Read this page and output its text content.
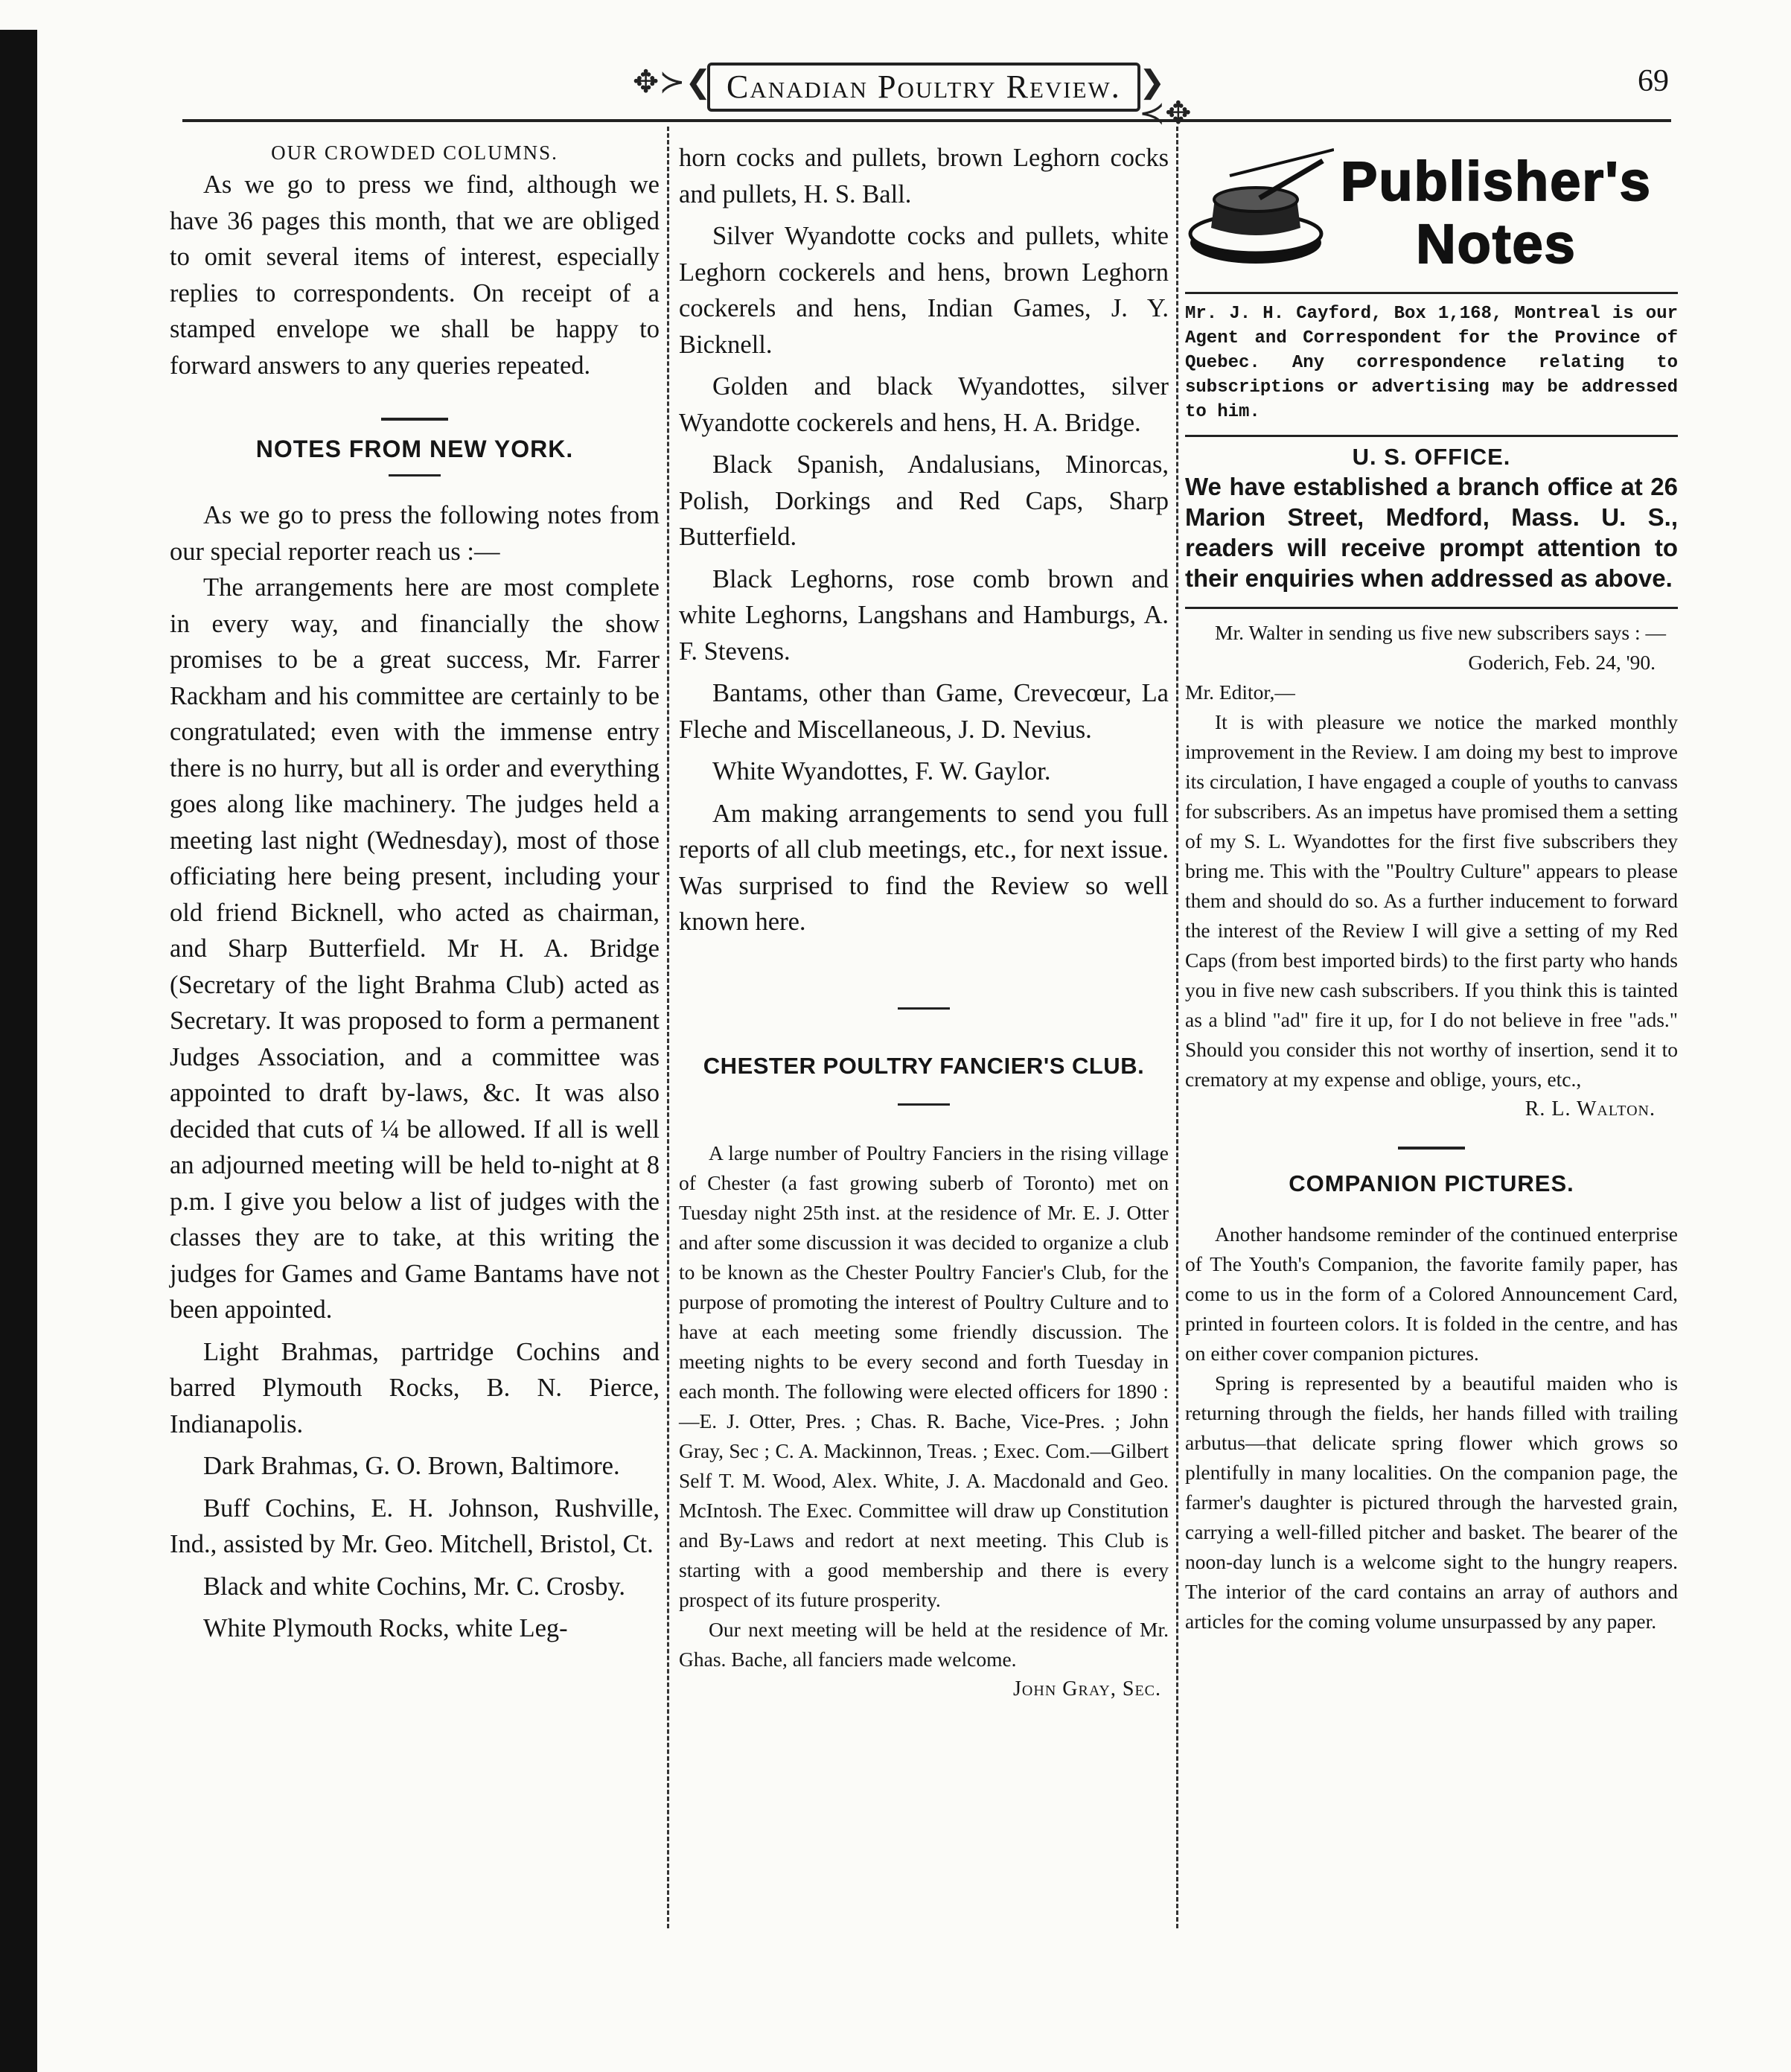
✥≻❮ Canadian Poultry Review. ❯≺✥
69
OUR CROWDED COLUMNS.

As we go to press we find, although we have 36 pages this month, that we are obliged to omit several items of interest, especially replies to correspondents. On receipt of a stamped envelope we shall be happy to forward answers to any queries repeated.

NOTES FROM NEW YORK.

As we go to press the following notes from our special reporter reach us :—

The arrangements here are most complete in every way, and financially the show promises to be a great success, Mr. Farrer Rackham and his committee are certainly to be congratulated; even with the immense entry there is no hurry, but all is order and everything goes along like machinery. The judges held a meeting last night (Wednesday), most of those officiating here being present, including your old friend Bicknell, who acted as chairman, and Sharp Butterfield. Mr H. A. Bridge (Secretary of the light Brahma Club) acted as Secretary. It was proposed to form a permanent Judges Association, and a committee was appointed to draft by-laws, &c. It was also decided that cuts of ¼ be allowed. If all is well an adjourned meeting will be held to-night at 8 p.m. I give you below a list of judges with the classes they are to take, at this writing the judges for Games and Game Bantams have not been appointed.

Light Brahmas, partridge Cochins and barred Plymouth Rocks, B. N. Pierce, Indianapolis.

Dark Brahmas, G. O. Brown, Baltimore.

Buff Cochins, E. H. Johnson, Rushville, Ind., assisted by Mr. Geo. Mitchell, Bristol, Ct.

Black and white Cochins, Mr. C. Crosby.

White Plymouth Rocks, white Leg-

horn cocks and pullets, brown Leghorn cocks and pullets, H. S. Ball.

Silver Wyandotte cocks and pullets, white Leghorn cockerels and hens, brown Leghorn cockerels and hens, Indian Games, J. Y. Bicknell.

Golden and black Wyandottes, silver Wyandotte cockerels and hens, H. A. Bridge.

Black Spanish, Andalusians, Minorcas, Polish, Dorkings and Red Caps, Sharp Butterfield.

Black Leghorns, rose comb brown and white Leghorns, Langshans and Hamburgs, A. F. Stevens.

Bantams, other than Game, Crevecœur, La Fleche and Miscellaneous, J. D. Nevius.

White Wyandottes, F. W. Gaylor.

Am making arrangements to send you full reports of all club meetings, etc., for next issue. Was surprised to find the Review so well known here.

CHESTER POULTRY FANCIER'S CLUB.

A large number of Poultry Fanciers in the rising village of Chester (a fast growing suberb of Toronto) met on Tuesday night 25th inst. at the residence of Mr. E. J. Otter and after some discussion it was decided to organize a club to be known as the Chester Poultry Fancier's Club, for the purpose of promoting the interest of Poultry Culture and to have at each meeting some friendly discussion. The meeting nights to be every second and forth Tuesday in each month. The following were elected officers for 1890 :—E. J. Otter, Pres. ; Chas. R. Bache, Vice-Pres. ; John Gray, Sec ; C. A. Mackinnon, Treas. ; Exec. Com.—Gilbert Self T. M. Wood, Alex. White, J. A. Macdonald and Geo. McIntosh. The Exec. Committee will draw up Constitution and By-Laws and redort at next meeting. This Club is starting with a good membership and there is every prospect of its future prosperity.

Our next meeting will be held at the residence of Mr. Ghas. Bache, all fanciers made welcome.

John Gray, Sec.
Publisher's Notes
Mr. J. H. Cayford, Box 1,168, Montreal is our Agent and Correspondent for the Province of Quebec. Any correspondence relating to subscriptions or advertising may be addressed to him.
U. S. OFFICE.
We have established a branch office at 26 Marion Street, Medford, Mass. U. S., readers will receive prompt attention to their enquiries when addressed as above.

Mr. Walter in sending us five new subscribers says : —

Goderich, Feb. 24, '90.
Mr. Editor,—

It is with pleasure we notice the marked monthly improvement in the Review. I am doing my best to improve its circulation, I have engaged a couple of youths to canvass for subscribers. As an impetus have promised them a setting of my S. L. Wyandottes for the first five subscribers they bring me. This with the "Poultry Culture" appears to please them and should do so. As a further inducement to forward the interest of the Review I will give a setting of my Red Caps (from best imported birds) to the first party who hands you in five new cash subscribers. If you think this is tainted as a blind "ad" fire it up, for I do not believe in free "ads." Should you consider this not worthy of insertion, send it to crematory at my expense and oblige, yours, etc.,

R. L. Walton.
COMPANION PICTURES.

Another handsome reminder of the continued enterprise of The Youth's Companion, the favorite family paper, has come to us in the form of a Colored Announcement Card, printed in fourteen colors. It is folded in the centre, and has on either cover companion pictures.

Spring is represented by a beautiful maiden who is returning through the fields, her hands filled with trailing arbutus—that delicate spring flower which grows so plentifully in many localities. On the companion page, the farmer's daughter is pictured through the harvested grain, carrying a well-filled pitcher and basket. The bearer of the noon-day lunch is a welcome sight to the hungry reapers. The interior of the card contains an array of authors and articles for the coming volume unsurpassed by any paper.
